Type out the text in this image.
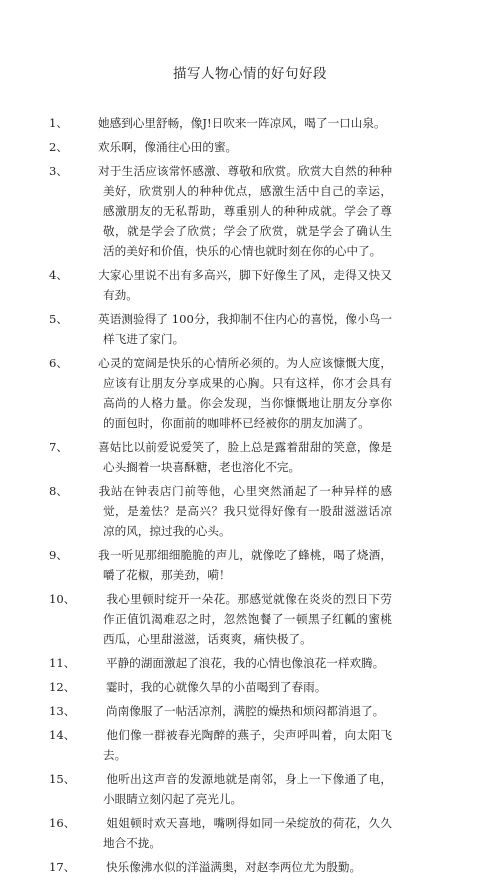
描写人物心情的好句好段

1、	她感到心里舒畅，像J!日吹来一阵凉风，喝了一口山泉。

2、	欢乐啊，像涌往心田的蜜。

3、	对于生活应该常怀感激、尊敬和欣赏。欣赏大自然的种种美好，欣赏别人的种种优点，感激生活中自己的幸运，感激朋友的无私帮助，尊重别人的种种成就。学会了尊敬，就是学会了欣赏；学会了欣赏，就是学会了确认生活的美好和价值，快乐的心情也就时刻在你的心中了。

4、	大家心里说不出有多高兴，脚下好像生了风，走得又快又有劲。

5、	英语测验得了 100分，我抑制不住内心的喜悦，像小鸟一样飞进了家门。

6、	心灵的宽阔是快乐的心情所必须的。为人应该慷慨大度，应该有让朋友分享成果的心胸。只有这样，你才会具有高尚的人格力量。你会发现，当你慷慨地让朋友分享你的面包时，你面前的咖啡杯已经被你的朋友加满了。

7、	喜姑比以前爱说爱笑了，脸上总是露着甜甜的笑意，像是心头搁着一块喜酥糖，老也溶化不完。

8、	我站在钟表店门前等他，心里突然涌起了一种异样的感觉，是羞怯？是高兴？我只觉得好像有一股甜滋滋话凉凉的风，掠过我的心头。

9、	我一听见那细细脆脆的声儿，就像吃了蜂桃，喝了烧酒，嚼了花椒，那美劲，嗬！

10、	我心里顿时绽开一朵花。那感觉就像在炎炎的烈日下劳作正值饥渴难忍之时，忽然饱餐了一顿黑子红瓤的蜜桃西瓜，心里甜滋滋，话爽爽，痛快极了。

11、	平静的湖面激起了浪花，我的心情也像浪花一样欢腾。

12、	霎时，我的心就像久旱的小苗喝到了春雨。

13、	尚南像服了一帖活凉剂，满腔的燥热和烦闷都消退了。

14、	他们像一群被春光陶醉的燕子，尖声呼叫着，向太阳飞去。

15、	他听出这声音的发源地就是南邻，身上一下像通了电，小眼睛立刻闪起了亮光儿。

16、	姐姐顿时欢天喜地，嘴咧得如同一朵绽放的荷花，久久地合不拢。

17、	快乐像沸水似的洋溢满奥，对赵李两位尤为殷勤。
